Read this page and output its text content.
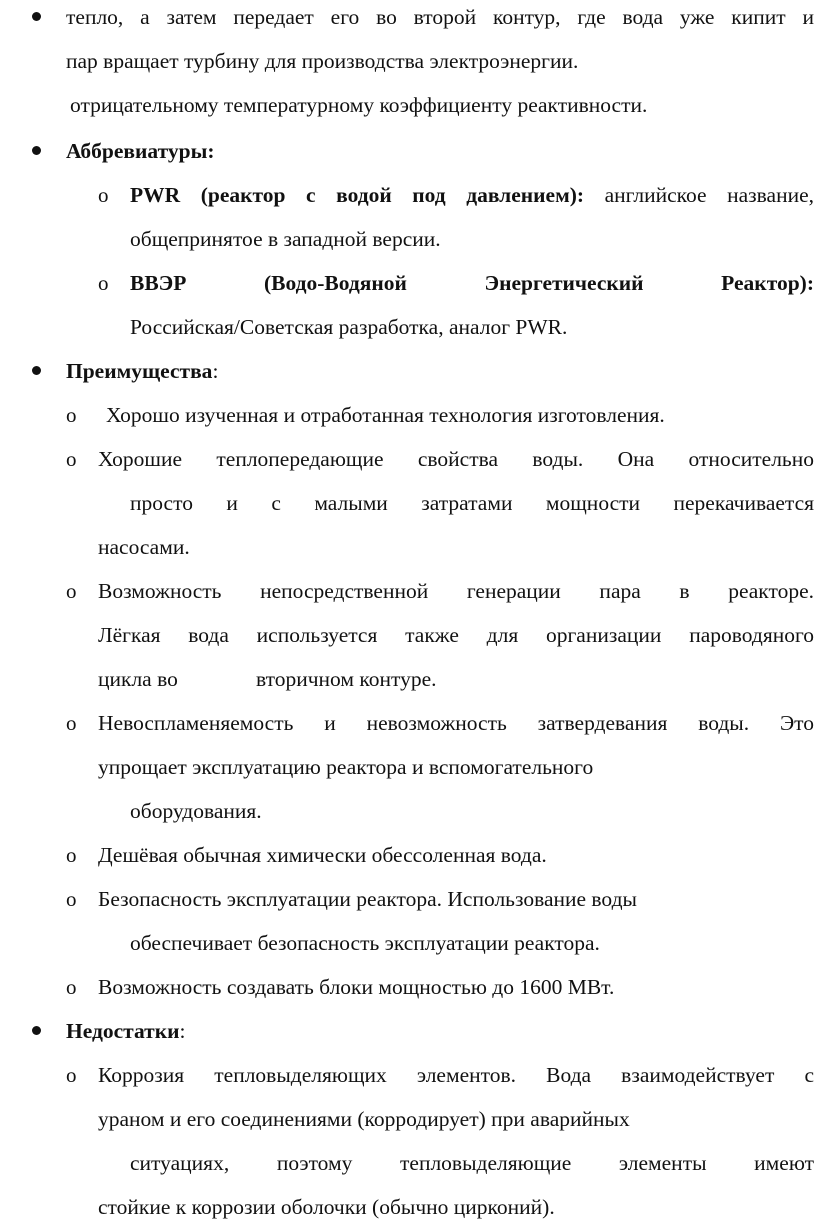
тепло, а затем передает его во второй контур, где вода уже кипит и
пар вращает турбину для производства электроэнергии.
отрицательному температурному коэффициенту реактивности.
Аббревиатуры:
o PWR (реактор с водой под давлением): английское название,
общепринятое в западной версии.
o ВВЭР (Водо-Водяной Энергетический Реактор):
Российская/Советская разработка, аналог PWR.
Преимущества:
o Хорошо изученная и отработанная технология изготовления.
o Хорошие теплопередающие свойства воды. Она относительно
просто и с малыми затратами мощности перекачивается
насосами.
o Возможность непосредственной генерации пара в реакторе.
Лёгкая вода используется также для организации пароводяного
цикла во	вторичном контуре.
o Невоспламеняемость и невозможность затвердевания воды. Это
упрощает эксплуатацию реактора и вспомогательного
оборудования.
o Дешёвая обычная химически обессоленная вода.
o Безопасность эксплуатации реактора. Использование воды
обеспечивает безопасность эксплуатации реактора.
o Возможность создавать блоки мощностью до 1600 МВт.
Недостатки:
o Коррозия тепловыделяющих элементов. Вода взаимодействует с
ураном и его соединениями (корродирует) при аварийных
ситуациях, поэтому тепловыделяющие элементы имеют
стойкие к коррозии оболочки (обычно цирконий).
